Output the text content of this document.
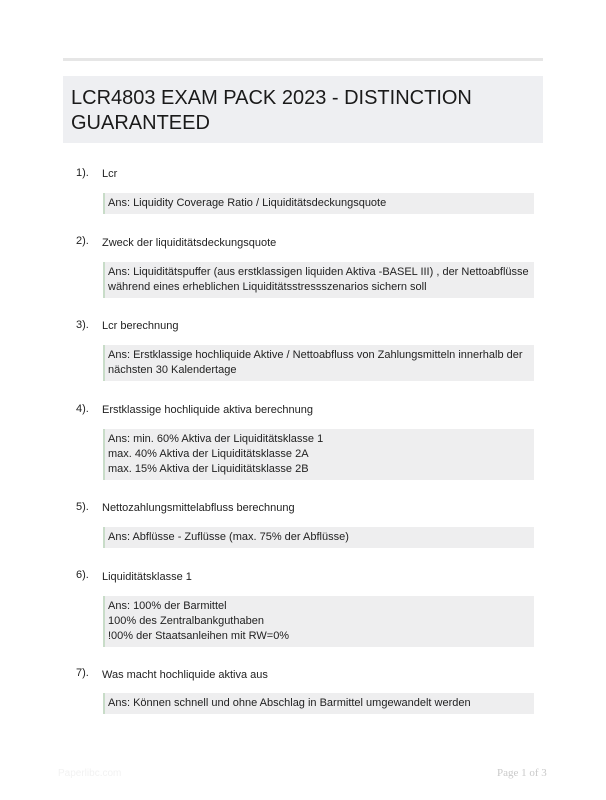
LCR4803 EXAM PACK 2023 - DISTINCTION GUARANTEED
1). Lcr
Ans: Liquidity Coverage Ratio / Liquiditätsdeckungsquote
2). Zweck der liquiditätsdeckungsquote
Ans: Liquiditätspuffer (aus erstklassigen liquiden Aktiva -BASEL III) , der Nettoabflüsse
während eines erheblichen Liquiditätsstressszenarios sichern soll
3). Lcr berechnung
Ans: Erstklassige hochliquide Aktive / Nettoabfluss von Zahlungsmitteln innerhalb der
nächsten 30 Kalendertage
4). Erstklassige hochliquide aktiva berechnung
Ans: min. 60% Aktiva der Liquiditätsklasse 1
max. 40% Aktiva der Liquiditätsklasse 2A
max. 15% Aktiva der Liquiditätsklasse 2B
5). Nettozahlungsmittelabfluss berechnung
Ans: Abflüsse - Zuflüsse (max. 75% der Abflüsse)
6). Liquiditätsklasse 1
Ans: 100% der Barmittel
100% des Zentralbankguthaben
!00% der Staatsanleihen mit RW=0%
7). Was macht hochliquide aktiva aus
Ans: Können schnell und ohne Abschlag in Barmittel umgewandelt werden
Paperlibc.com	Page 1 of 3
